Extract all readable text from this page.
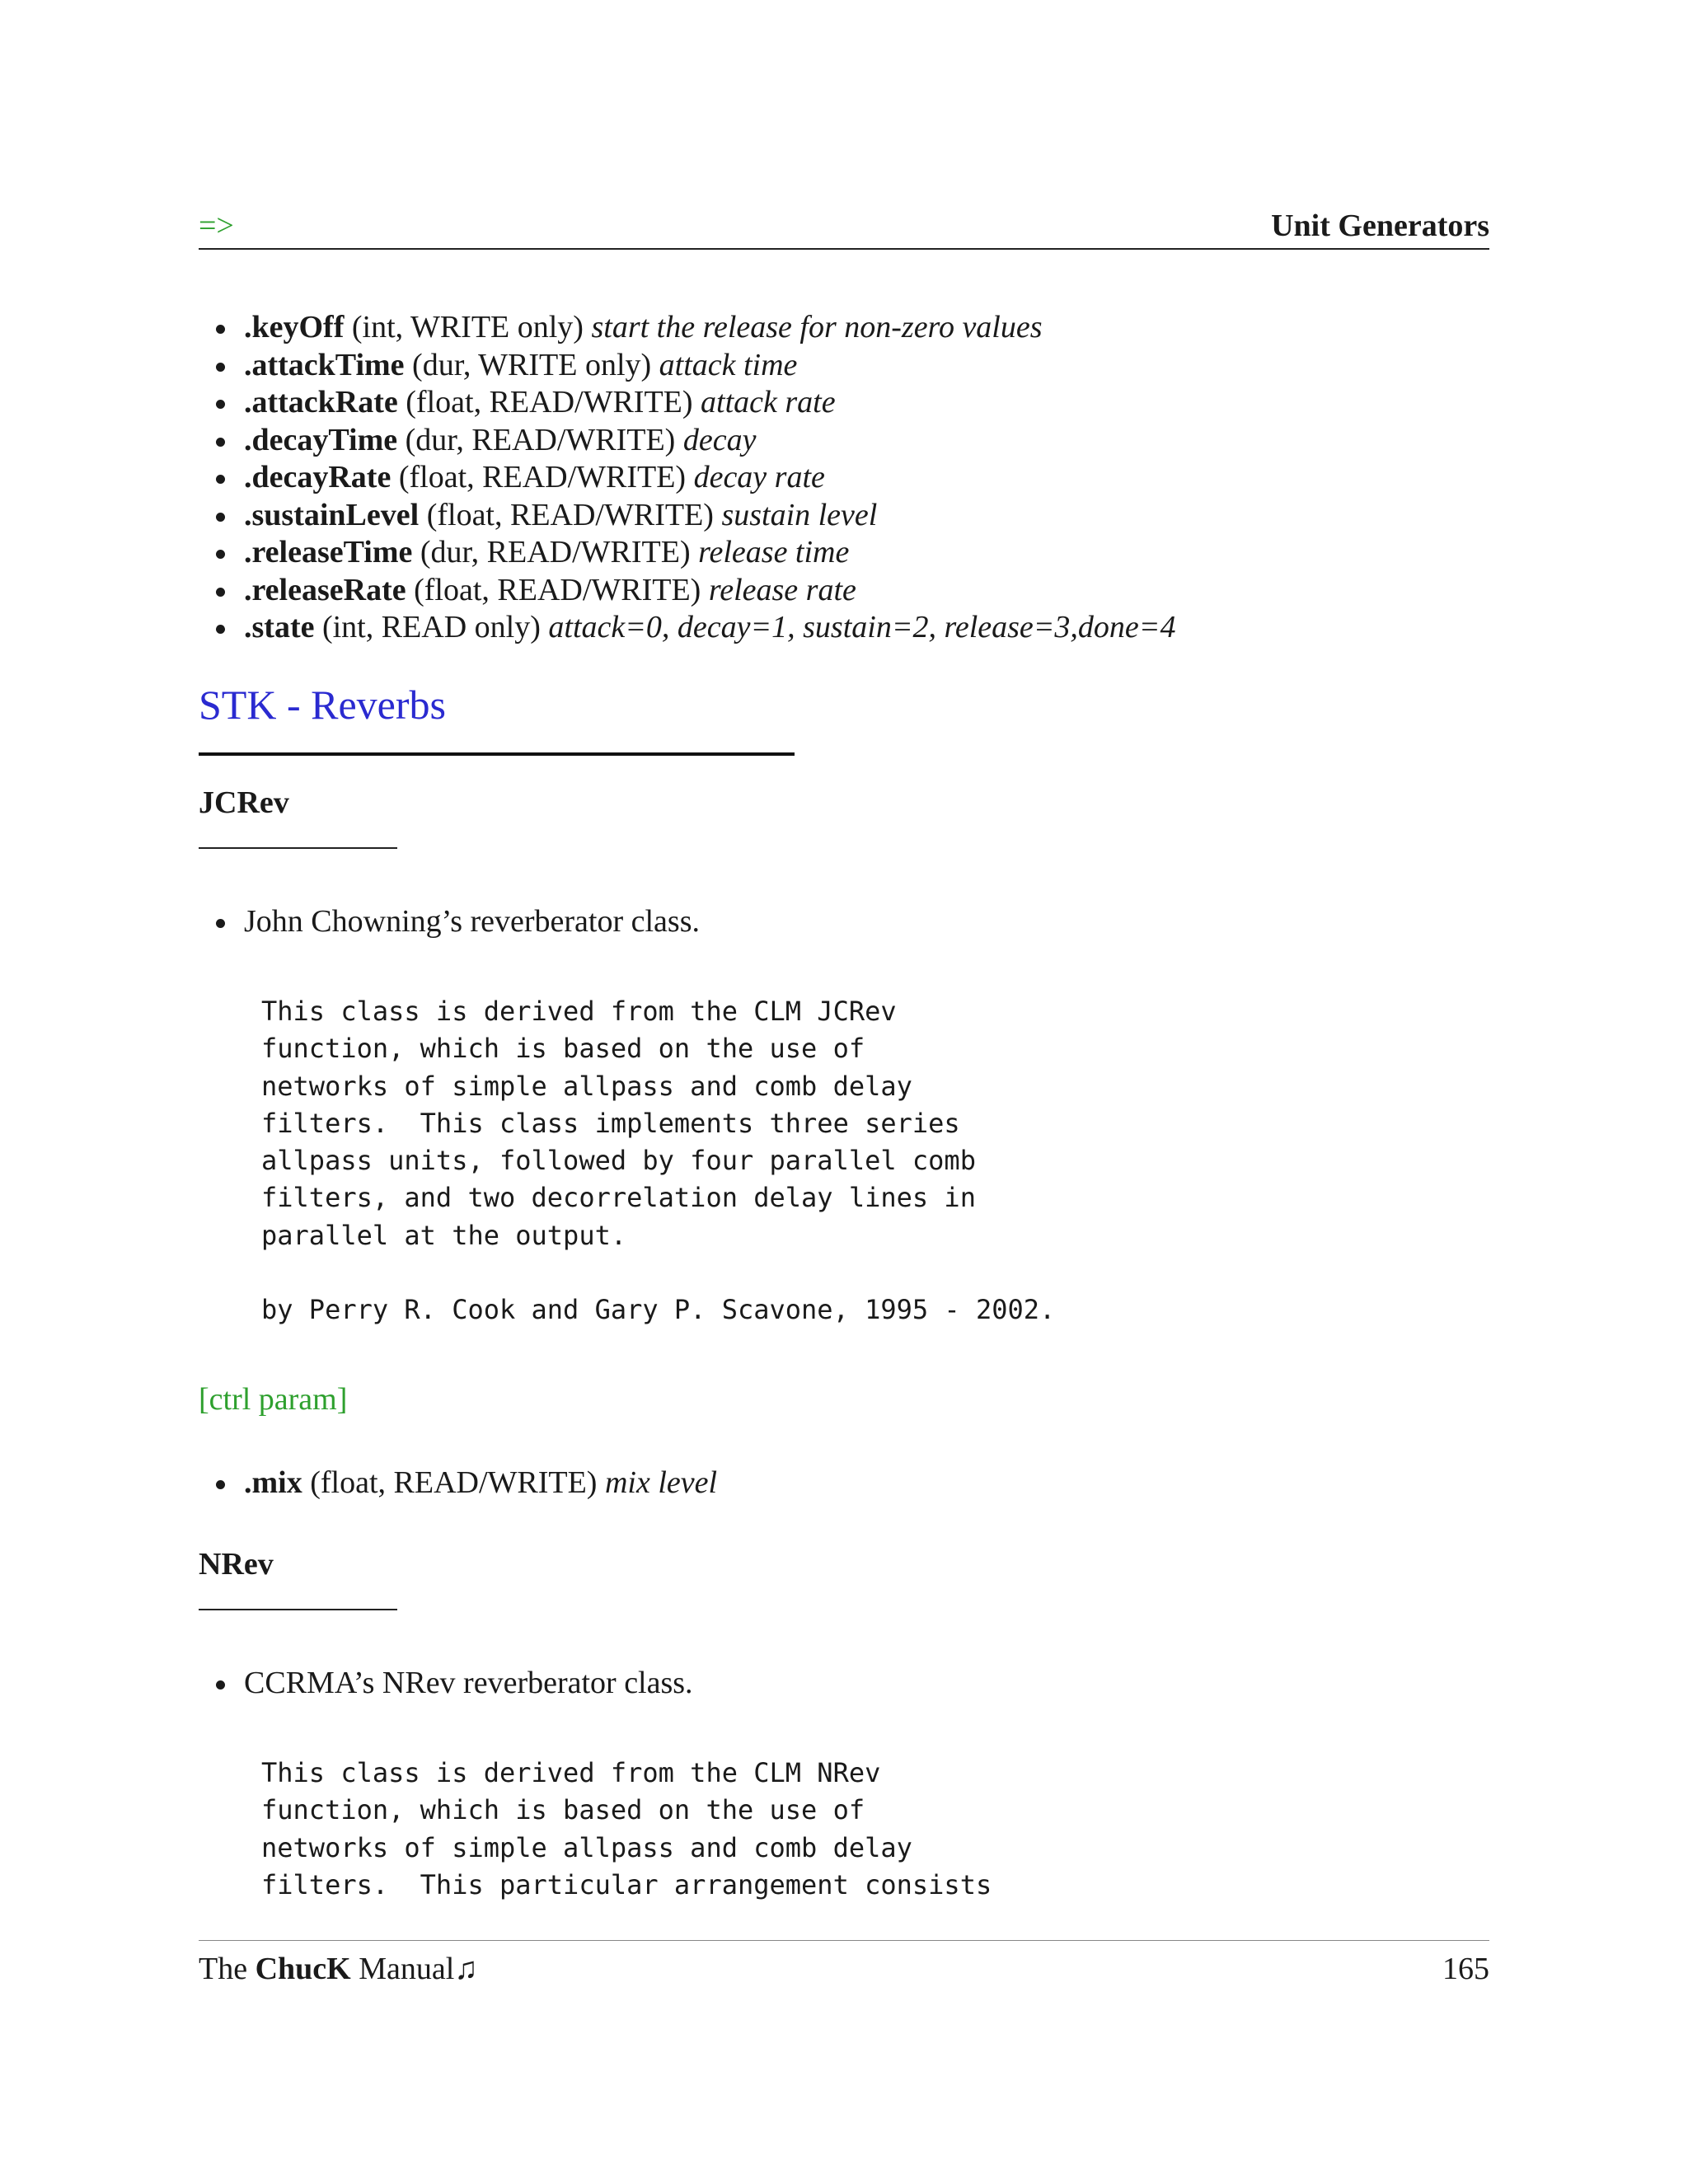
=>	Unit Generators
.keyOff (int, WRITE only) start the release for non-zero values
.attackTime (dur, WRITE only) attack time
.attackRate (float, READ/WRITE) attack rate
.decayTime (dur, READ/WRITE) decay
.decayRate (float, READ/WRITE) decay rate
.sustainLevel (float, READ/WRITE) sustain level
.releaseTime (dur, READ/WRITE) release time
.releaseRate (float, READ/WRITE) release rate
.state (int, READ only) attack=0, decay=1, sustain=2, release=3,done=4
STK - Reverbs
JCRev
John Chowning’s reverberator class.
This class is derived from the CLM JCRev
function, which is based on the use of
networks of simple allpass and comb delay
filters.  This class implements three series
allpass units, followed by four parallel comb
filters, and two decorrelation delay lines in
parallel at the output.

by Perry R. Cook and Gary P. Scavone, 1995 - 2002.
[ctrl param]
.mix (float, READ/WRITE) mix level
NRev
CCRMA’s NRev reverberator class.
This class is derived from the CLM NRev
function, which is based on the use of
networks of simple allpass and comb delay
filters.  This particular arrangement consists
The ChucK Manual♫	165
